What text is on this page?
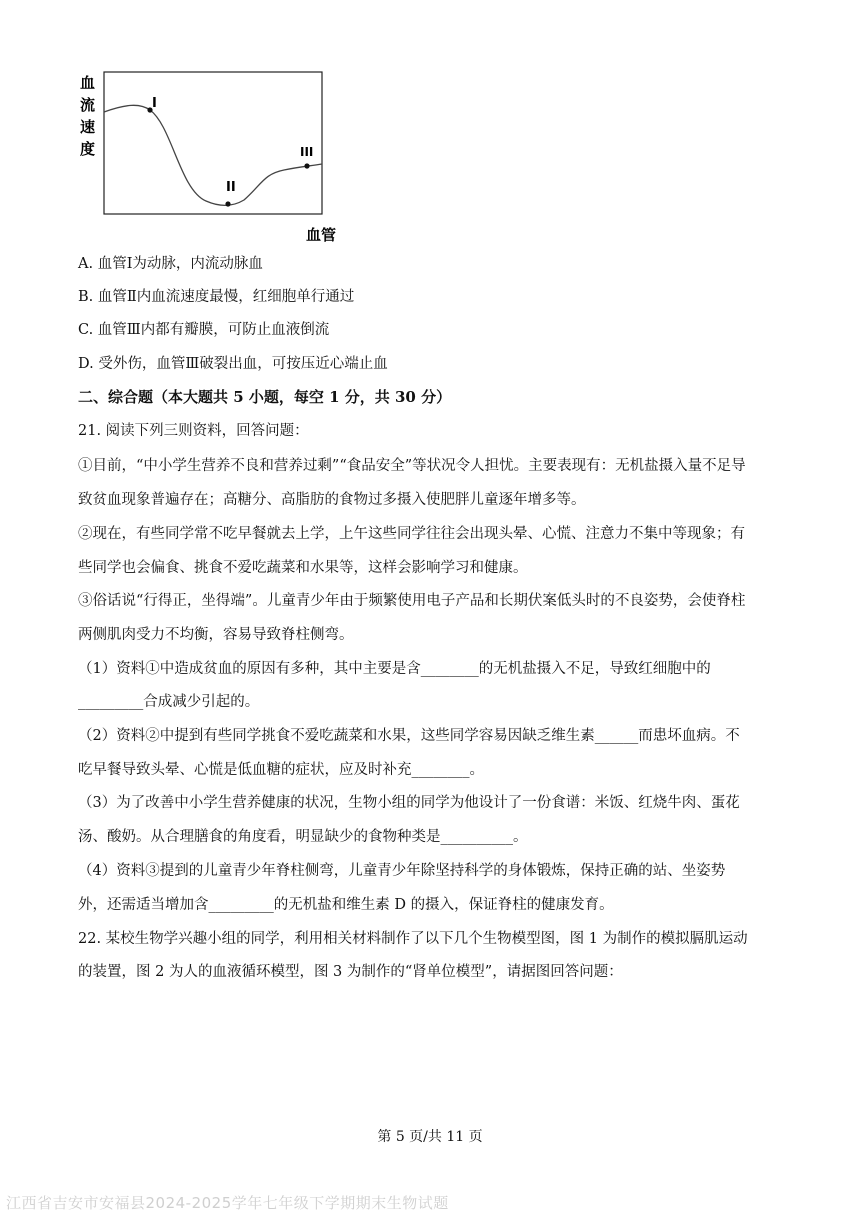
血
流
速
度
I
II
III
血管
A. 血管Ⅰ为动脉，内流动脉血
B. 血管Ⅱ内血流速度最慢，红细胞单行通过
C. 血管Ⅲ内都有瓣膜，可防止血液倒流
D. 受外伤，血管Ⅲ破裂出血，可按压近心端止血
二、综合题（本大题共 5 小题，每空 1 分，共 30 分）
21. 阅读下列三则资料，回答问题：
①目前，“中小学生营养不良和营养过剩”“食品安全”等状况令人担忧。主要表现有：无机盐摄入量不足导
致贫血现象普遍存在；高糖分、高脂肪的食物过多摄入使肥胖儿童逐年增多等。
②现在，有些同学常不吃早餐就去上学，上午这些同学往往会出现头晕、心慌、注意力不集中等现象；有
些同学也会偏食、挑食不爱吃蔬菜和水果等，这样会影响学习和健康。
③俗话说“行得正，坐得端”。儿童青少年由于频繁使用电子产品和长期伏案低头时的不良姿势，会使脊柱
两侧肌肉受力不均衡，容易导致脊柱侧弯。
（1）资料①中造成贫血的原因有多种，其中主要是含________的无机盐摄入不足，导致红细胞中的
_________合成减少引起的。
（2）资料②中提到有些同学挑食不爱吃蔬菜和水果，这些同学容易因缺乏维生素______而患坏血病。不
吃早餐导致头晕、心慌是低血糖的症状，应及时补充________。
（3）为了改善中小学生营养健康的状况，生物小组的同学为他设计了一份食谱：米饭、红烧牛肉、蛋花
汤、酸奶。从合理膳食的角度看，明显缺少的食物种类是__________。
（4）资料③提到的儿童青少年脊柱侧弯，儿童青少年除坚持科学的身体锻炼，保持正确的站、坐姿势
外，还需适当增加含_________的无机盐和维生素 D 的摄入，保证脊柱的健康发育。
22. 某校生物学兴趣小组的同学，利用相关材料制作了以下几个生物模型图，图 1 为制作的模拟膈肌运动
的装置，图 2 为人的血液循环模型，图 3 为制作的“肾单位模型”，请据图回答问题：
第 5 页/共 11 页
江西省吉安市安福县2024-2025学年七年级下学期期末生物试题
